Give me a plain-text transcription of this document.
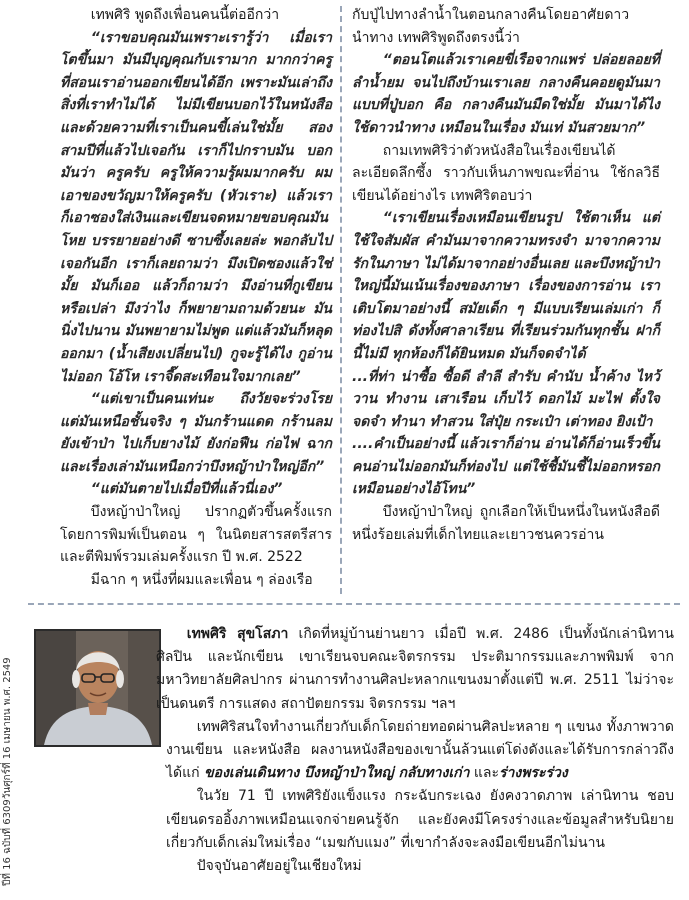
เทพศิริ พูดถึงเพื่อนคนนี้ต่ออีกว่า

“เราขอบคุณมันเพราะเรารู้ว่า เมื่อเราโตขึ้นมา มันมีบุญคุณกับเรามาก มากกว่าครูที่สอนเราอ่านออกเขียนได้อีก เพราะมันเล่าถึงสิ่งที่เราทำไม่ได้ ไม่มีเขียนบอกไว้ในหนังสือ และด้วยความที่เราเป็นคนขี้เล่นใช่มั้ย สองสามปีที่แล้วไปเจอกัน เราก็ไปกราบมัน บอกมันว่า ครูครับ ครูให้ความรู้ผมมากครับ ผมเอาของขวัญมาให้ครูครับ (หัวเราะ) แล้วเราก็เอาซองใส่เงินและเขียนจดหมายขอบคุณมัน โหย บรรยายอย่างดี ซาบซึ้งเลยล่ะ พอกลับไปเจอกันอีก เราก็เลยถามว่า มึงเปิดซองแล้วใช่มั้ย มันก็เออ แล้วก็ถามว่า มึงอ่านที่กูเขียนหรือเปล่า มึงว่าไง ก็พยายามถามด้วยนะ มันนิ่งไปนาน มันพยายามไม่พูด แต่แล้วมันก็หลุดออกมา (น้ำเสียงเปลี่ยนไป) กูจะรู้ได้ไง กูอ่านไม่ออก โอ้โห เราจี๊ดสะเทือนใจมากเลย”

“แต่เขาเป็นคนเท่นะ ถึงวัยจะร่วงโรย แต่มันเหนือชั้นจริง ๆ มันกร้านแดด กร้านลม ยังเข้าป่า ไปเก็บยางไม้ ยังก่อฟืน ก่อไฟ ฉากและเรื่องเล่ามันเหนือกว่าบึงหญ้าป่าใหญ่อีก”

“แต่มันตายไปเมื่อปีที่แล้วนี่เอง”

บึงหญ้าป่าใหญ่ ปรากฏตัวขึ้นครั้งแรกโดยการพิมพ์เป็นตอน ๆ ในนิตยสารสตรีสาร และตีพิมพ์รวมเล่มครั้งแรก ปี พ.ศ. 2522

มีฉาก ๆ หนึ่งที่ผมและเพื่อน ๆ ล่องเรือ

กับปู่ไปทางลำน้ำในตอนกลางคืนโดยอาศัยดาวนำทาง เทพศิริพูดถึงตรงนี้ว่า

“ตอนโตแล้วเราเคยขี่เรือจากแพร่ ปล่อยลอยที่ลำน้ำยม จนไปถึงบ้านเราเลย กลางคืนคอยดูมันมาแบบที่ปู่บอก คือ กลางคืนมันมืดใช่มั้ย มันมาได้ไง ใช้ดาวนำทาง เหมือนในเรื่อง มันเท่ มันสวยมาก”

ถามเทพศิริว่าตัวหนังสือในเรื่องเขียนได้ละเอียดลึกซึ้ง ราวกับเห็นภาพขณะที่อ่าน ใช้กลวิธีเขียนได้อย่างไร เทพศิริตอบว่า

“เราเขียนเรื่องเหมือนเขียนรูป ใช้ตาเห็น แต่ใช้ใจสัมผัส คำมันมาจากความทรงจำ มาจากความรักในภาษา ไม่ได้มาจากอย่างอื่นเลย และบึงหญ้าป่าใหญ่นี้มันเน้นเรื่องของภาษา เรื่องของการอ่าน เราเติบโตมาอย่างนี้ สมัยเด็ก ๆ มีแบบเรียนเล่มเก่า ก็ท่องไปสิ ดังทั้งศาลาเรียน ที่เรียนร่วมกันทุกชั้น ฝาก็นี้ไม่มี ทุกห้องก็ได้ยินหมด มันก็จดจำได้

...ที่ท่า น่าซื้อ ซื้อดี สำลี สำรับ คำนับ น้ำค้าง ไหว้วาน ทำงาน เสาเรือน เก็บไว้ ดอกไม้ มะไฟ ตั้งใจ จดจำ ทำนา ทำสวน ใส่ปุ๋ย กระเป๋า เต่าทอง ยิงเป้า

....คำเป็นอย่างนี้ แล้วเราก็อ่าน อ่านได้ก็อ่านเร็วขึ้น คนอ่านไม่ออกมันก็ท่องไป แต่ใช้ชื้มันชี้ไม่ออกหรอก เหมือนอย่างไอ้โทน”

บึงหญ้าป่าใหญ่ ถูกเลือกให้เป็นหนึ่งในหนังสือดี หนึ่งร้อยเล่มที่เด็กไทยและเยาวชนควรอ่าน

ปีที่ 16 ฉบับที่ 6309วันศุกร์ที่ 16 เมษายน พ.ศ. 2549

เทพศิริ สุขโสภา เกิดที่หมู่บ้านย่านยาว เมื่อปี พ.ศ. 2486 เป็นทั้งนักเล่านิทาน ศิลปิน และนักเขียน เขาเรียนจบคณะจิตรกรรม ประติมากรรมและภาพพิมพ์ จากมหาวิทยาลัยศิลปากร ผ่านการทำงานศิลปะหลากแขนงมาตั้งแต่ปี พ.ศ. 2511 ไม่ว่าจะเป็นดนตรี การแสดง สถาปัตยกรรม จิตรกรรม ฯลฯ

เทพศิริสนใจทำงานเกี่ยวกับเด็กโดยถ่ายทอดผ่านศิลปะหลาย ๆ แขนง ทั้งภาพวาด งานเขียน และหนังสือ ผลงานหนังสือของเขานั้นล้วนแต่โด่งดังและได้รับการกล่าวถึงได้แก่ ของเล่นเดินทาง บึงหญ้าป่าใหญ่ กลับทางเก่า และร่างพระร่วง

ในวัย 71 ปี เทพศิริยังแข็งแรง กระฉับกระเฉง ยังคงวาดภาพ เล่านิทาน ชอบเขียนดรออิ้งภาพเหมือนแจกจ่ายคนรู้จัก และยังคงมีโครงร่างและข้อมูลสำหรับนิยายเกี่ยวกับเด็กเล่มใหม่เรื่อง “เมฆกับแมง” ที่เขากำลังจะลงมือเขียนอีกไม่นาน

ปัจจุบันอาศัยอยู่ในเชียงใหม่
